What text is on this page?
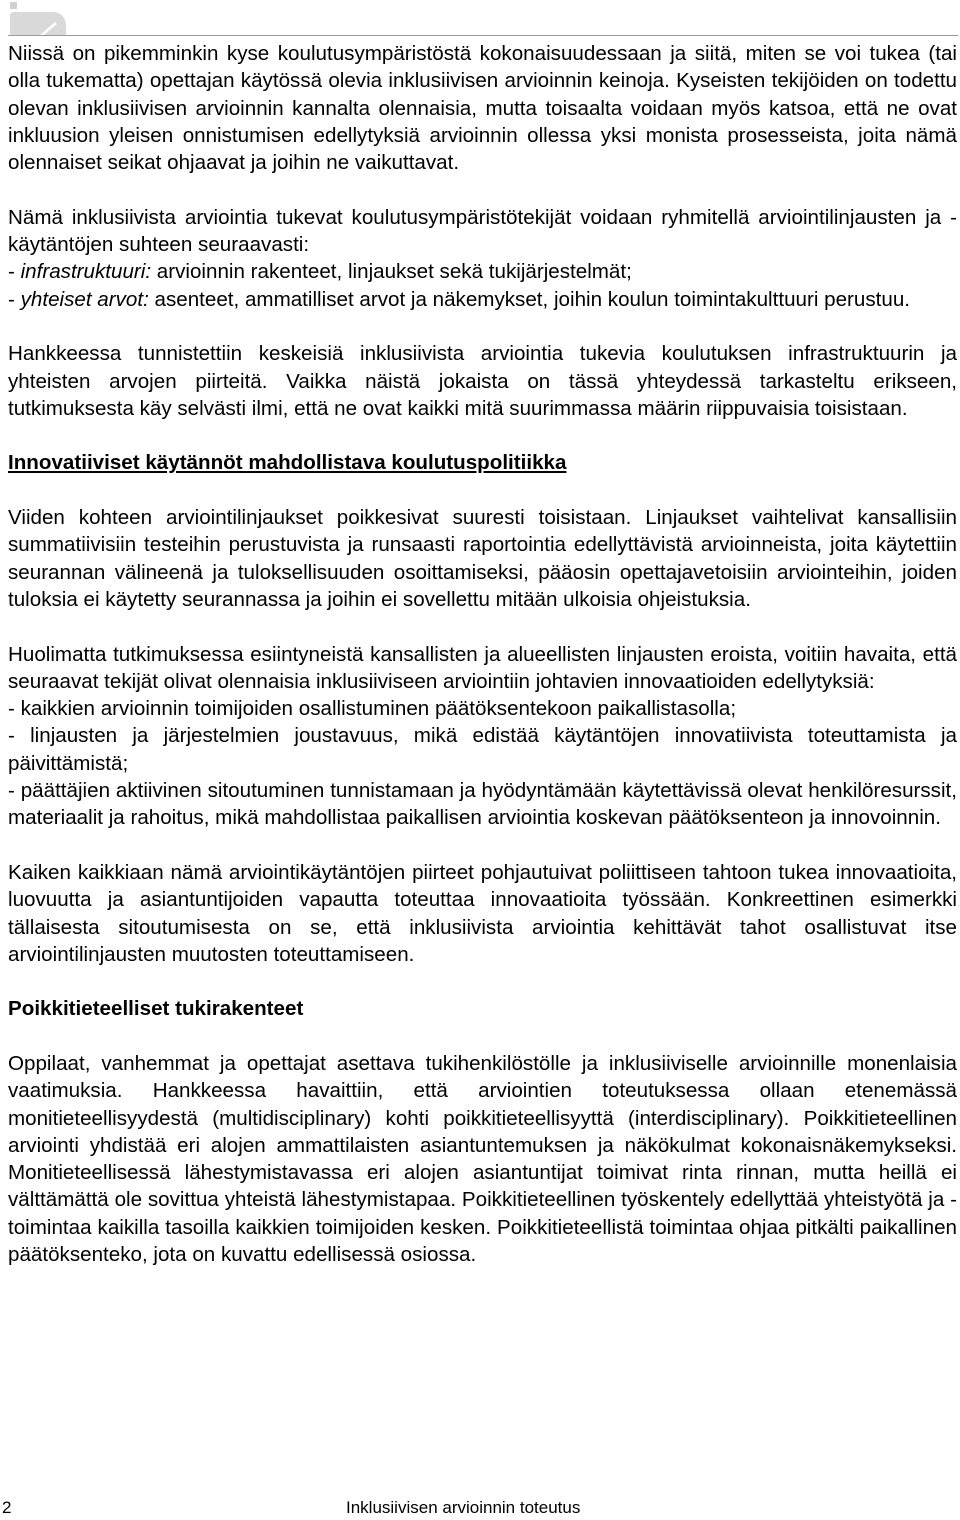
Niissä on pikemminkin kyse koulutusympäristöstä kokonaisuudessaan ja siitä, miten se voi tukea (tai olla tukematta) opettajan käytössä olevia inklusiivisen arvioinnin keinoja. Kyseisten tekijöiden on todettu olevan inklusiivisen arvioinnin kannalta olennaisia, mutta toisaalta voidaan myös katsoa, että ne ovat inkluusion yleisen onnistumisen edellytyksiä arvioinnin ollessa yksi monista prosesseista, joita nämä olennaiset seikat ohjaavat ja joihin ne vaikuttavat.

Nämä inklusiivista arviointia tukevat koulutusympäristötekijät voidaan ryhmitellä arviointilinjausten ja -käytäntöjen suhteen seuraavasti:

- infrastruktuuri: arvioinnin rakenteet, linjaukset sekä tukijärjestelmät;

- yhteiset arvot: asenteet, ammatilliset arvot ja näkemykset, joihin koulun toimintakulttuuri perustuu.

Hankkeessa tunnistettiin keskeisiä inklusiivista arviointia tukevia koulutuksen infrastruktuurin ja yhteisten arvojen piirteitä. Vaikka näistä jokaista on tässä yhteydessä tarkasteltu erikseen, tutkimuksesta käy selvästi ilmi, että ne ovat kaikki mitä suurimmassa määrin riippuvaisia toisistaan.

Innovatiiviset käytännöt mahdollistava koulutuspolitiikka

Viiden kohteen arviointilinjaukset poikkesivat suuresti toisistaan. Linjaukset vaihtelivat kansallisiin summatiivisiin testeihin perustuvista ja runsaasti raportointia edellyttävistä arvioinneista, joita käytettiin seurannan välineenä ja tuloksellisuuden osoittamiseksi, pääosin opettajavetoisiin arviointeihin, joiden tuloksia ei käytetty seurannassa ja joihin ei sovellettu mitään ulkoisia ohjeistuksia.

Huolimatta tutkimuksessa esiintyneistä kansallisten ja alueellisten linjausten eroista, voitiin havaita, että seuraavat tekijät olivat olennaisia inklusiiviseen arviointiin johtavien innovaatioiden edellytyksiä:

- kaikkien arvioinnin toimijoiden osallistuminen päätöksentekoon paikallistasolla;

- linjausten ja järjestelmien joustavuus, mikä edistää käytäntöjen innovatiivista toteuttamista ja päivittämistä;

- päättäjien aktiivinen sitoutuminen tunnistamaan ja hyödyntämään käytettävissä olevat henkilöresurssit, materiaalit ja rahoitus, mikä mahdollistaa paikallisen arviointia koskevan päätöksenteon ja innovoinnin.

Kaiken kaikkiaan nämä arviointikäytäntöjen piirteet pohjautuivat poliittiseen tahtoon tukea innovaatioita, luovuutta ja asiantuntijoiden vapautta toteuttaa innovaatioita työssään. Konkreettinen esimerkki tällaisesta sitoutumisesta on se, että inklusiivista arviointia kehittävät tahot osallistuvat itse arviointilinjausten muutosten toteuttamiseen.

Poikkitieteelliset tukirakenteet

Oppilaat, vanhemmat ja opettajat asettava tukihenkilöstölle ja inklusiiviselle arvioinnille monenlaisia vaatimuksia. Hankkeessa havaittiin, että arviointien toteutuksessa ollaan etenemässä monitieteellisyydestä (multidisciplinary) kohti poikkitieteellisyyttä (interdisciplinary). Poikkitieteellinen arviointi yhdistää eri alojen ammattilaisten asiantuntemuksen ja näkökulmat kokonaisnäkemykseksi. Monitieteellisessä lähestymistavassa eri alojen asiantuntijat toimivat rinta rinnan, mutta heillä ei välttämättä ole sovittua yhteistä lähestymistapaa. Poikkitieteellinen työskentely edellyttää yhteistyötä ja -toimintaa kaikilla tasoilla kaikkien toimijoiden kesken. Poikkitieteellistä toimintaa ohjaa pitkälti paikallinen päätöksenteko, jota on kuvattu edellisessä osiossa.

2	Inklusiivisen arvioinnin toteutus
